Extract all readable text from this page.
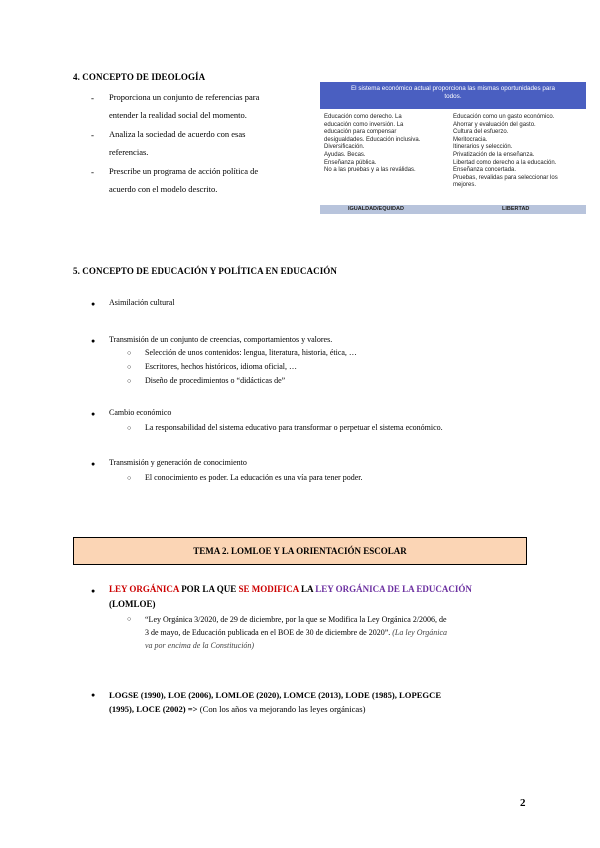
4. CONCEPTO DE IDEOLOGÍA
- Proporciona un conjunto de referencias para
entender la realidad social del momento.
- Analiza la sociedad de acuerdo con esas
referencias.
- Prescribe un programa de acción política de
acuerdo con el modelo descrito.
El sistema económico actual proporciona las mismas oportunidades para
todos.
Educación como derecho. La
educación como inversión. La
educación para compensar
desigualdades. Educación inclusiva.
Diversificación.
Ayudas. Becas.
Enseñanza pública.
No a las pruebas y a las reválidas.
Educación como un gasto económico.
Ahorrar y evaluación del gasto.
Cultura del esfuerzo.
Meritocracia.
Itinerarios y selección.
Privatización de la enseñanza.
Libertad como derecho a la educación.
Enseñanza concertada.
Pruebas, revalidas para seleccionar los
mejores.
IGUALDAD/EQUIDAD	LIBERTAD
5. CONCEPTO DE EDUCACIÓN Y POLÍTICA EN EDUCACIÓN
● Asimilación cultural
● Transmisión de un conjunto de creencias, comportamientos y valores.
○ Selección de unos contenidos: lengua, literatura, historia, ética, …
○ Escritores, hechos históricos, idioma oficial, …
○ Diseño de procedimientos o “didácticas de”
● Cambio económico
○ La responsabilidad del sistema educativo para transformar o perpetuar el sistema económico.
● Transmisión y generación de conocimiento
○ El conocimiento es poder. La educación es una vía para tener poder.
TEMA 2. LOMLOE Y LA ORIENTACIÓN ESCOLAR
● LEY ORGÁNICA POR LA QUE SE MODIFICA LA LEY ORGÁNICA DE LA EDUCACIÓN
(LOMLOE)
○ “Ley Orgánica 3/2020, de 29 de diciembre, por la que se Modifica la Ley Orgánica 2/2006, de
3 de mayo, de Educación publicada en el BOE de 30 de diciembre de 2020”. (La ley Orgánica
va por encima de la Constitución)
● LOGSE (1990), LOE (2006), LOMLOE (2020), LOMCE (2013), LODE (1985), LOPEGCE
(1995), LOCE (2002) => (Con los años va mejorando las leyes orgánicas)
2
